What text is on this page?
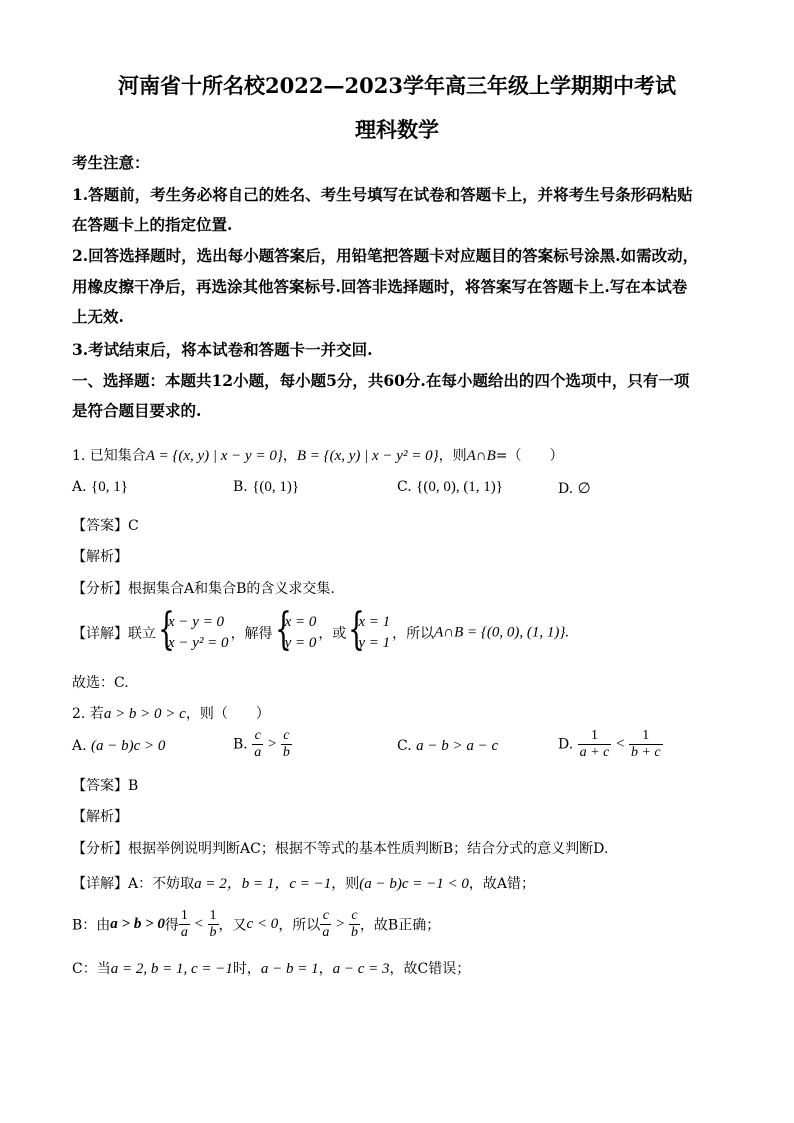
河南省十所名校2022—2023学年高三年级上学期期中考试
理科数学
考生注意：
1.答题前，考生务必将自己的姓名、考生号填写在试卷和答题卡上，并将考生号条形码粘贴
在答题卡上的指定位置.
2.回答选择题时，选出每小题答案后，用铅笔把答题卡对应题目的答案标号涂黑.如需改动，
用橡皮擦干净后，再选涂其他答案标号.回答非选择题时，将答案写在答题卡上.写在本试卷
上无效.
3.考试结束后，将本试卷和答题卡一并交回.
一、选择题：本题共12小题，每小题5分，共60分.在每小题给出的四个选项中，只有一项
是符合题目要求的.
1. 已知集合A = {(x, y) | x − y = 0}，B = {(x, y) | x − y² = 0}，则A∩B=（　　）
A. {0, 1}	B. {(0, 1)}	C. {(0, 0), (1, 1)}	D. ∅
【答案】C
【解析】
【分析】根据集合A和集合B的含义求交集.
【详解】联立 {
x − y = 0
x − y² = 0
，解得 {
x = 0
y = 0
，或 {
x = 1
y = 1
，所以A∩B = {(0, 0), (1, 1)}.
故选：C.
2. 若a > b > 0 > c，则（　　）
A. (a − b)c > 0	B. $\frac{c}{a} > \frac{c}{b}$	C. a − b > a − c	D. $\frac{1}{a + c} < \frac{1}{b + c}$
【答案】B
【解析】
【分析】根据举例说明判断AC；根据不等式的基本性质判断B；结合分式的意义判断D.
【详解】A：不妨取a = 2，b = 1，c = −1，则(a − b)c = −1 < 0，故A错；
B：由a > b > 0得 $\frac{1}{a} < \frac{1}{b}$ ，又c < 0，所以 $\frac{c}{a} > \frac{c}{b}$ ，故B正确；
C：当a = 2, b = 1, c = −1时，a − b = 1，a − c = 3，故C错误；
